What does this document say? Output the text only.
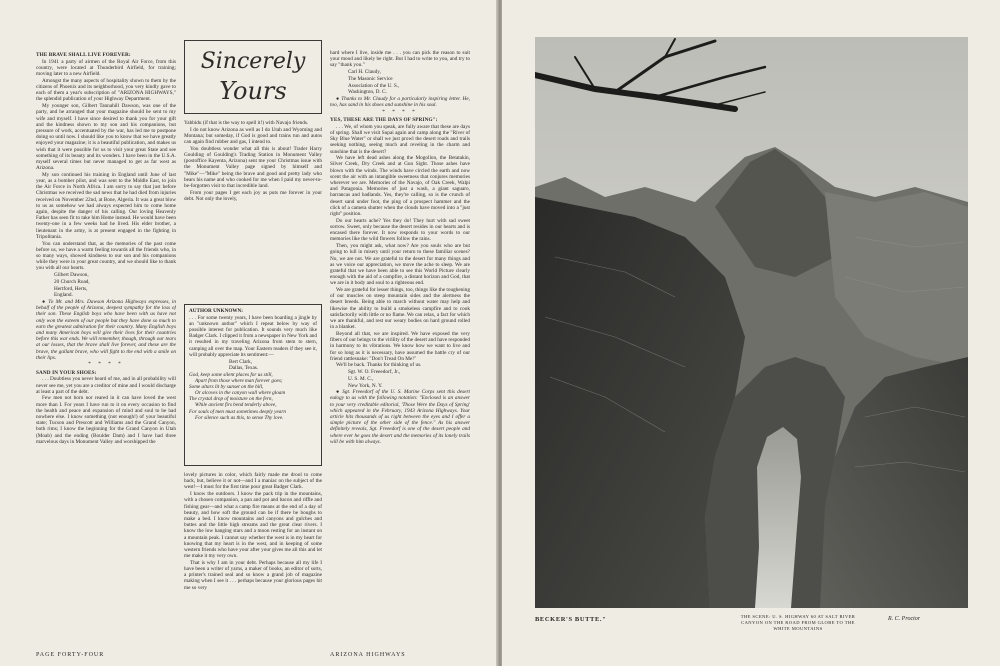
THE BRAVE SHALL LIVE FOREVER:

In 1941 a party of airmen of the Royal Air Force, from this country, were located at Thunderbird Airfield, for training; moving later to a new Airfield.

Amongst the many aspects of hospitality shown to them by the citizens of Phoenix and its neighborhood, you very kindly gave to each of them a year's subscription of "ARIZONA HIGHWAYS," the splendid publication of your Highway Department.

My younger son, Gilbert Tannahill Dawson, was one of the party, and he arranged that your magazine should be sent to my wife and myself. I have since desired to thank you for your gift and the kindness shown to my son and his companions, but pressure of work, accentuated by the war, has led me to postpone doing so until now. I should like you to know that we have greatly enjoyed your magazine; it is a beautiful publication, and makes us wish that it were possible for us to visit your great State and see something of its beauty and its wonders. I have been in the U.S.A. myself several times but never managed to get as far west as Arizona.

My son continued his training in England until June of last year, as a bomber pilot, and was sent to the Middle East, to join the Air Force in North Africa. I am sorry to say that just before Christmas we received the sad news that he had died from injuries received on November 22nd, at Bone, Algeria. It was a great blow to us as somehow we had always expected him to come home again, despite the danger of his calling. Our loving Heavenly Father has seen fit to take him Home instead. He would have been twenty-one in a few weeks had he lived. His elder brother, a lieutenant in the army, is at present engaged in the fighting in Tripolitania.

You can understand that, as the memories of the past come before us, we have a warm feeling towards all the friends who, in so many ways, showed kindness to our son and his companions while they were in your great country, and we should like to thank you with all our hearts.

Gilbert Dawson,

20 Church Road,

Hertford, Herts,

England.

● To Mr. and Mrs. Dawson Arizona Highways expresses, in behalf of the people of Arizona, deepest sympathy for the loss of their son. These English boys who have been with us have not only won the esteem of our people but they have done so much to earn the greatest admiration for their country. Many English boys and many American boys will give their lives for their countries before this war ends. We will remember, though, through our tears at our losses, that the brave shall live forever, and these are the brave, the gallant brave, who will fight to the end with a smile on their lips.

* * * *

SAND IN YOUR SHOES:

. . . Doubtless you never heard of me, and in all probability will never see me, yet you are a creditor of mine and I would discharge at least a part of the debt.

Few men not born nor reared in it can have loved the west more than I. For years I have run to it on every occasion to find the health and peace and expansion of mind and soul to be had nowhere else. I know something (not enough!) of your beautiful state; Tucson and Prescott and Williams and the Grand Canyon, both rims; I know the beginning for the Grand Canyon in Utah (Moab) and the ending (Boulder Dam) and I have had three marvelous days in Monument Valley and worshipped the

Sincerely
Yours

Yabbidu (if that is the way to spell it!) with Navajo friends.

I do not know Arizona as well as I do Utah and Wyoming and Montana; but someday, if God is good and trains run and autos can again find rubber and gas, I intend to.

You doubtless wonder what all this is about! Trader Harry Goulding of Goulding's Trading Station in Monument Valley (postoffice Kayenta, Arizona) sent me your Christmas issue with the Monument Valley page signed by himself and "Mike"—"Mike" being the brave and good and pretty lady who bears his name and who cooked for me when I paid my never-to-be-forgotten visit to that incredible land.

From your pages I get each joy as puts me forever in your debt. Not only the lovely,

AUTHOR UNKNOWN:

. . . For some twenty years, I have been hoarding a jingle by an "unknown author" which I repeat below by way of possible interest for publication. It sounds very much like Badger Clark. I clipped it from a newspaper in New York and it resulted in my traveling Arizona from stem to stern, camping all over the map. Your Eastern readers if they see it, will probably appreciate its sentiment:—

Bert Clark,

Dallas, Texas.

God, keep some silent places for us still,

Apart from those where man forever goes;

Some altars lit by sunset on the hill,

Or alcoves in the canyon wall where gloam

The crystal drop of moisture on the fern,

While ancient firs bend tenderly above,

For souls of men must sometimes deeply yearn

For silence such as this, to sense Thy love.

lovely pictures in color, which fairly made me drool to come back, but, believe it or not—and I a maniac on the subject of the west!—I must for the first time pour great Badger Clark.

I know the outdoors. I know the pack trip in the mountains, with a chosen companion, a pan and pot and bacon and riffle and fishing gear—and what a camp fire means at the end of a day of beauty, and how soft the ground can be if there be boughs to make a bed. I know mountains and canyons and gulches and buttes and the little high streams and the great clear rivers. I know the low hanging stars and a moon resting for an instant on a mountain peak. I cannot say whether the west is in my heart for knowing that my heart is in the west, and in keeping of some western friends who have your after your gives me all this and let me make it my very own.

That is why I am in your debt. Perhaps because all my life I have been a writer of yarns, a maker of books, an editor of sorts, a printer's trained seal and so know a grand job of magazine making when I see it . . . perhaps because your glorious pages hit me so very

hard where I live, inside me . . . you can pick the reason to suit your mood and likely be right. But I had to write to you, and try to say "thank you."

Carl H. Claudy,

The Masonic Service

Association of the U. S.,

Washington, D. C.

● Thanks to Mr. Claudy for a particularly inspiring letter. He, too, has sand in his shoes and sunshine in his soul.

* * * *

YES, THESE ARE THE DAYS OF SPRING":

. . . We, of whom you speak, are fully aware that these are days of spring. Shall we visit Supai again and camp along the "River of Sky Blue Water" or shall we just prowl the desert roads and trails seeking nothing, seeing much and reveling in the charm and sunshine that is the desert?

We have left dead ashes along the Mogollon, the Betatakin, Silver Creek, Dry Creek and at Gun Sight. Those ashes have blown with the winds. The winds have circled the earth and now scent the air with an intangible sweetness that conjures memories wherever we are. Memories of the Navajo, of Oak Creek, Walpi and Patagonia. Memories of just a wash, a giant saguaro, barrancas and badlands. Yes, they're calling, so is the crunch of desert sand under foot, the ping of a prospect hammer and the click of a camera shutter when the clouds have moved into a "just right" position.

Do our hearts ache? Yes they do! They hurt with sad sweet sorrow. Sweet, only because the desert resides in our hearts and is encased there forever. It now responds to your words to our memories like the wild flowers follow the rains.

Then, you might ask, what now? Are you souls who are but going to lull in misery until your return to these familiar scenes? No, we are not. We are grateful to the desert for many things and as we voice our appreciation, we move the ache to sleep. We are grateful that we have been able to see this World Picture clearly enough with the aid of a campfire, a distant horizon and God, that we are in it body and soul to a righteous end.

We are grateful for lesser things, too, things like the toughening of our muscles on steep mountain sides and the alertness the desert breeds. Being able to march without water may help and likewise the ability to build a smokeless campfire and to cook satisfactorily with little or no flame. We can relax, a fact for which we are thankful, and rest our weary bodies on hard ground rolled in a blanket.

Beyond all that, we are inspired. We have exposed the very fibers of our beings to the virility of the desert and have responded in harmony to its vibrations. We know how we want to live and for so long as it is necessary, have assumed the battle cry of our friend rattlesnake: "Don't Tread On Me!"

We'll be back. Thanks for thinking of us.

Sgt. W. O. Freeedorf, Jr.,

U. S. M. C.,

New York, N. Y.

● Sgt. Freeedorf of the U. S. Marine Corps sent this desert eulogy to us with the following notation: "Enclosed is an answer to your very creditable editorial, 'Those Were the Days of Spring' which appeared in the February, 1943 Arizona Highways. Your article hits thousands of us right between the eyes and I offer a simple picture of the other side of the fence." As his answer definitely reveals, Sgt. Freeedorf is one of the desert people and where ever he goes the desert and the memories of its lonely trails will be with him always.

PAGE FORTY-FOUR	ARIZONA HIGHWAYS
BECKER'S BUTTE."	THE SCENE: U. S. HIGHWAY 60 AT SALT RIVER CANYON ON THE ROAD FROM GLOBE TO THE WHITE MOUNTAINS
R. C. Proctor
